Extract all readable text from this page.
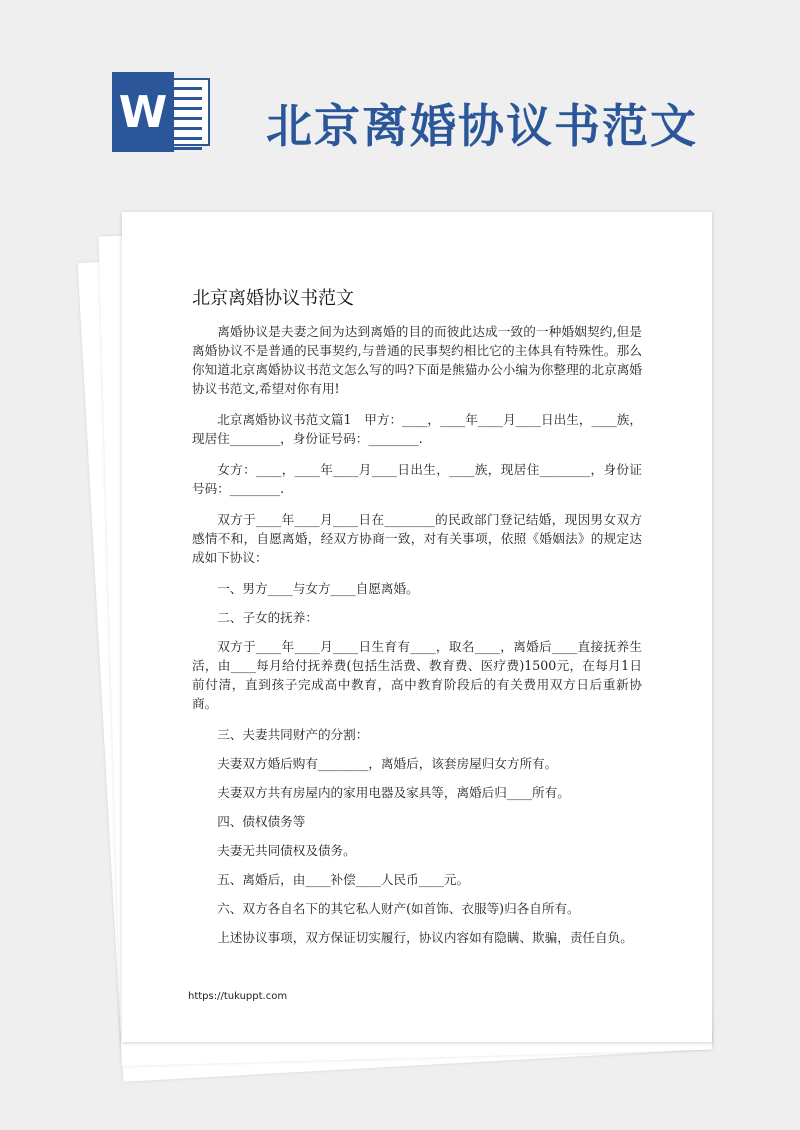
W 北京离婚协议书范文
北京离婚协议书范文

离婚协议是夫妻之间为达到离婚的目的而彼此达成一致的一种婚姻契约,但是离婚协议不是普通的民事契约,与普通的民事契约相比它的主体具有特殊性。那么你知道北京离婚协议书范文怎么写的吗?下面是熊猫办公小编为你整理的北京离婚协议书范文,希望对你有用!

北京离婚协议书范文篇1　甲方：____，____年____月____日出生，____族，现居住________，身份证号码：________.

女方：____，____年____月____日出生，____族，现居住________，身份证号码：________.

双方于____年____月____日在________的民政部门登记结婚，现因男女双方感情不和，自愿离婚，经双方协商一致，对有关事项，依照《婚姻法》的规定达成如下协议：

一、男方____与女方____自愿离婚。

二、子女的抚养：

双方于____年____月____日生育有____，取名____，离婚后____直接抚养生活，由____每月给付抚养费(包括生活费、教育费、医疗费)1500元，在每月1日前付清，直到孩子完成高中教育，高中教育阶段后的有关费用双方日后重新协商。

三、夫妻共同财产的分割：

夫妻双方婚后购有________，离婚后，该套房屋归女方所有。

夫妻双方共有房屋内的家用电器及家具等，离婚后归____所有。

四、债权债务等

夫妻无共同债权及债务。

五、离婚后，由____补偿____人民币____元。

六、双方各自名下的其它私人财产(如首饰、衣服等)归各自所有。

上述协议事项，双方保证切实履行，协议内容如有隐瞒、欺骗，责任自负。

https://tukuppt.com
